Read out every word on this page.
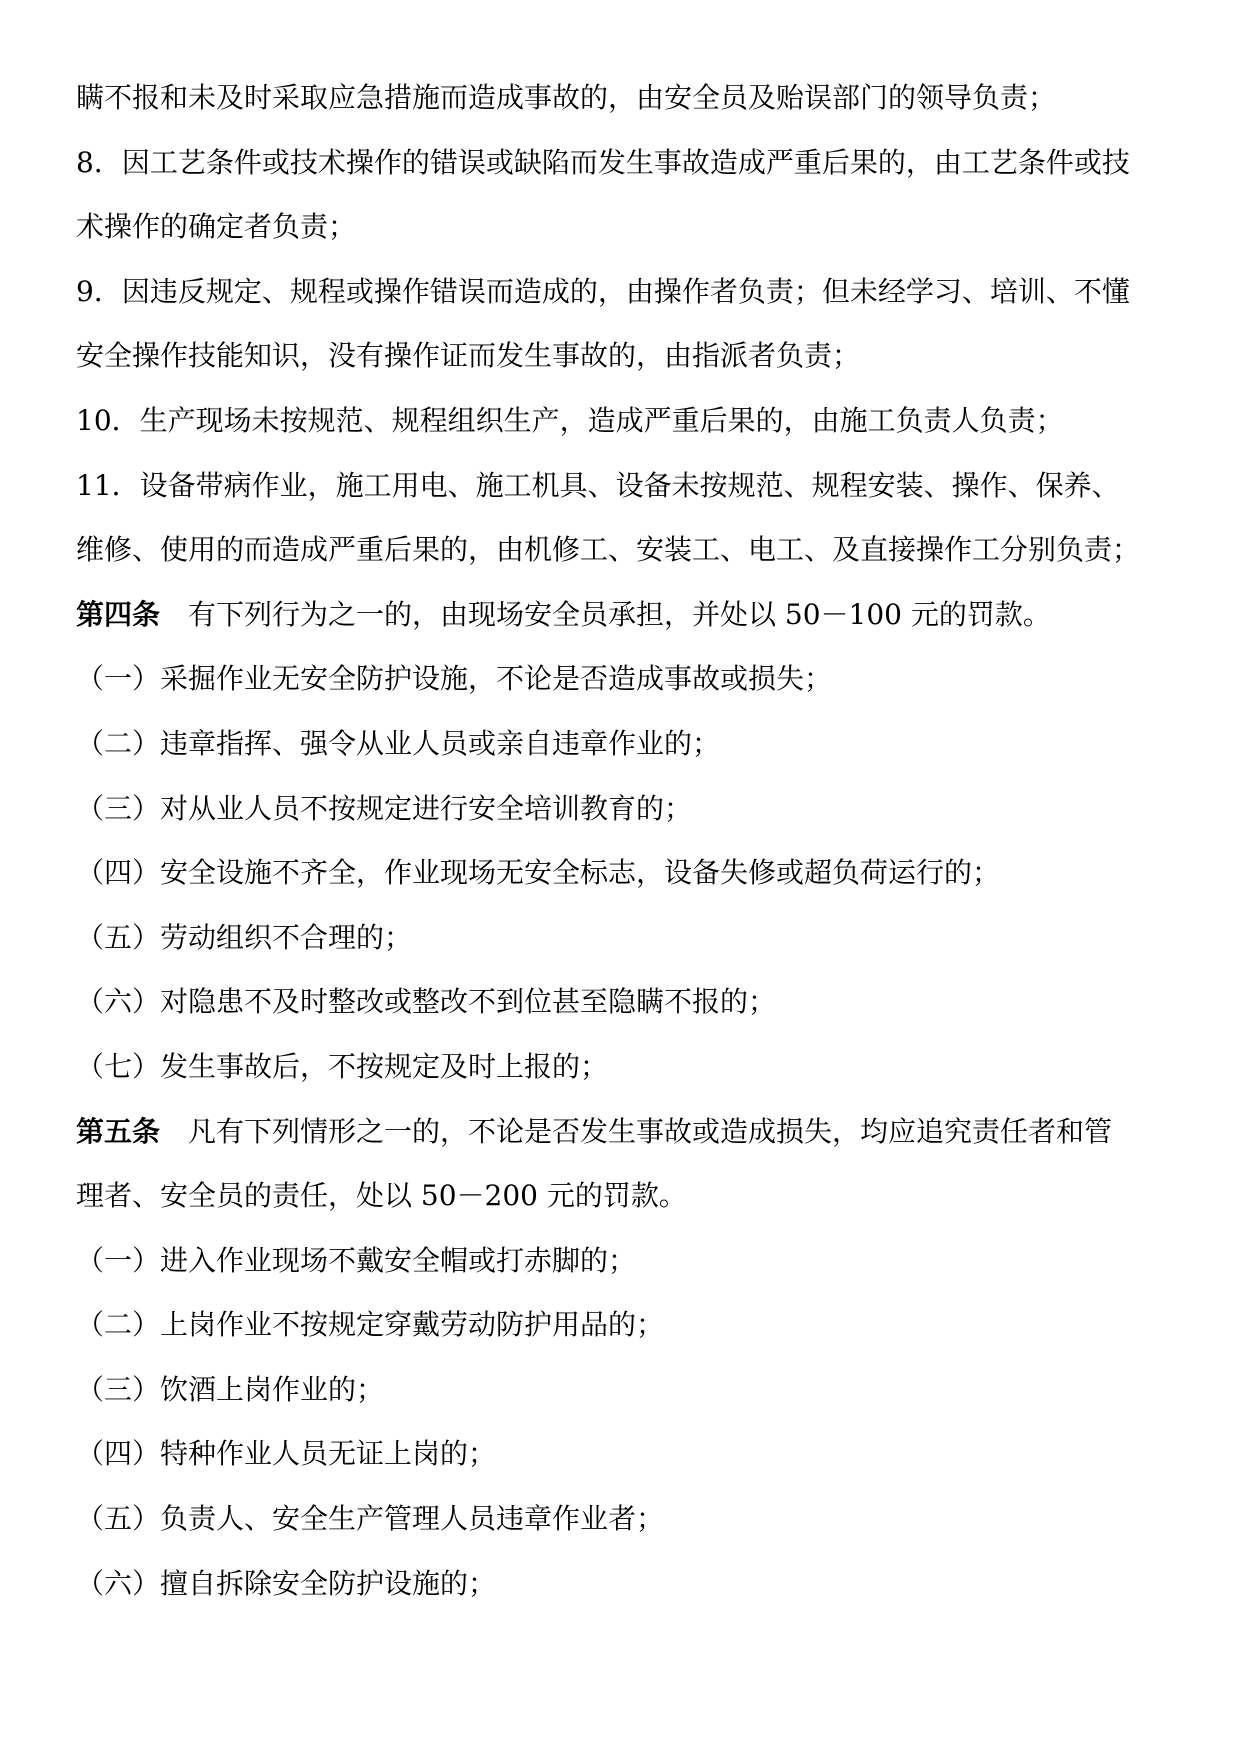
瞒不报和未及时采取应急措施而造成事故的，由安全员及贻误部门的领导负责；
8．因工艺条件或技术操作的错误或缺陷而发生事故造成严重后果的，由工艺条件或技
术操作的确定者负责；
9．因违反规定、规程或操作错误而造成的，由操作者负责；但未经学习、培训、不懂
安全操作技能知识，没有操作证而发生事故的，由指派者负责；
10．生产现场未按规范、规程组织生产，造成严重后果的，由施工负责人负责；
11．设备带病作业，施工用电、施工机具、设备未按规范、规程安装、操作、保养、
维修、使用的而造成严重后果的，由机修工、安装工、电工、及直接操作工分别负责；
第四条 有下列行为之一的，由现场安全员承担，并处以 50－100 元的罚款。
（一）采掘作业无安全防护设施，不论是否造成事故或损失；
（二）违章指挥、强令从业人员或亲自违章作业的；
（三）对从业人员不按规定进行安全培训教育的；
（四）安全设施不齐全，作业现场无安全标志，设备失修或超负荷运行的；
（五）劳动组织不合理的；
（六）对隐患不及时整改或整改不到位甚至隐瞒不报的；
（七）发生事故后，不按规定及时上报的；
第五条 凡有下列情形之一的，不论是否发生事故或造成损失，均应追究责任者和管
理者、安全员的责任，处以 50－200 元的罚款。
（一）进入作业现场不戴安全帽或打赤脚的；
（二）上岗作业不按规定穿戴劳动防护用品的；
（三）饮酒上岗作业的；
（四）特种作业人员无证上岗的；
（五）负责人、安全生产管理人员违章作业者；
（六）擅自拆除安全防护设施的；
